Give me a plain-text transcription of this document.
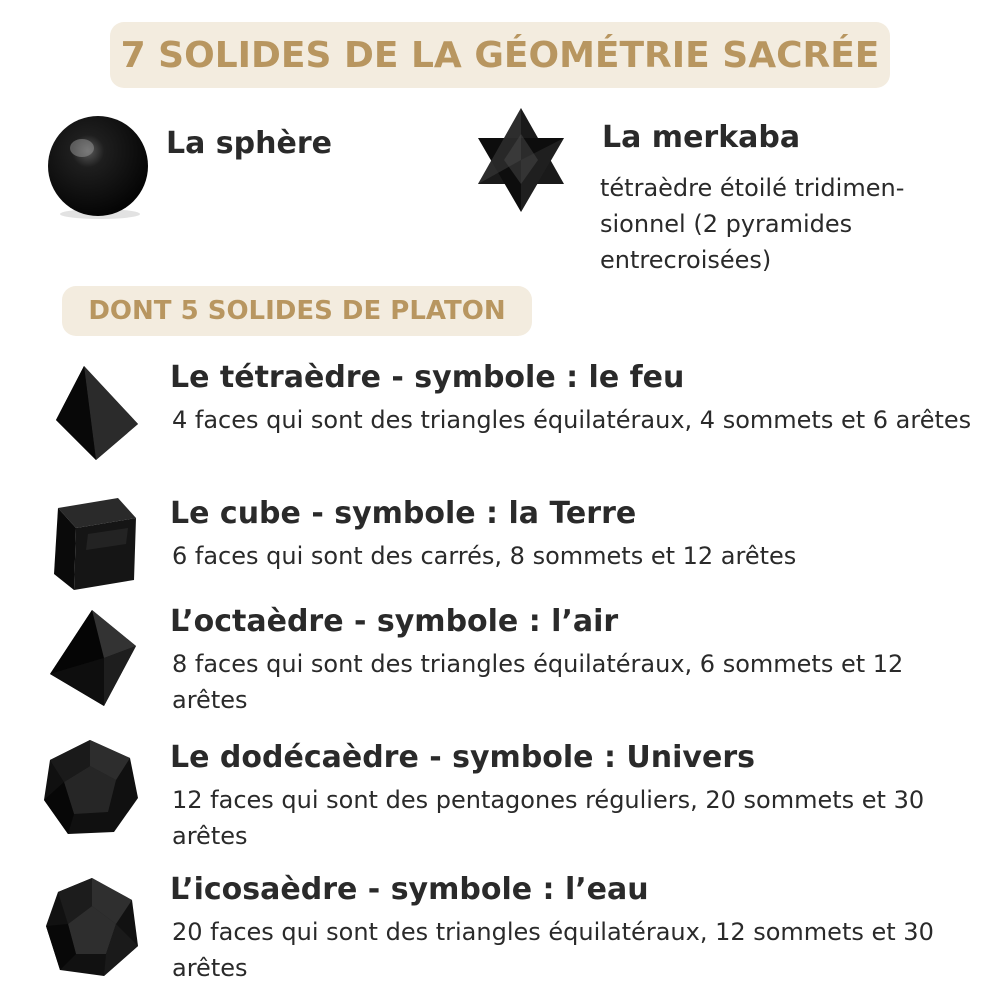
7 SOLIDES DE LA GÉOMÉTRIE SACRÉE
La sphère	La merkaba
tétraèdre étoilé tridimen-
sionnel (2 pyramides
entrecroisées)
DONT 5 SOLIDES DE PLATON
Le tétraèdre - symbole : le feu
4 faces qui sont des triangles équilatéraux, 4 sommets et 6 arêtes
Le cube - symbole : la Terre
6 faces qui sont des carrés, 8 sommets et 12 arêtes
L’octaèdre - symbole : l’air
8 faces qui sont des triangles équilatéraux, 6 sommets et 12 arêtes
Le dodécaèdre - symbole : Univers
12 faces qui sont des pentagones réguliers, 20 sommets et 30 arêtes
L’icosaèdre - symbole : l’eau
20 faces qui sont des triangles équilatéraux, 12 sommets et 30 arêtes
